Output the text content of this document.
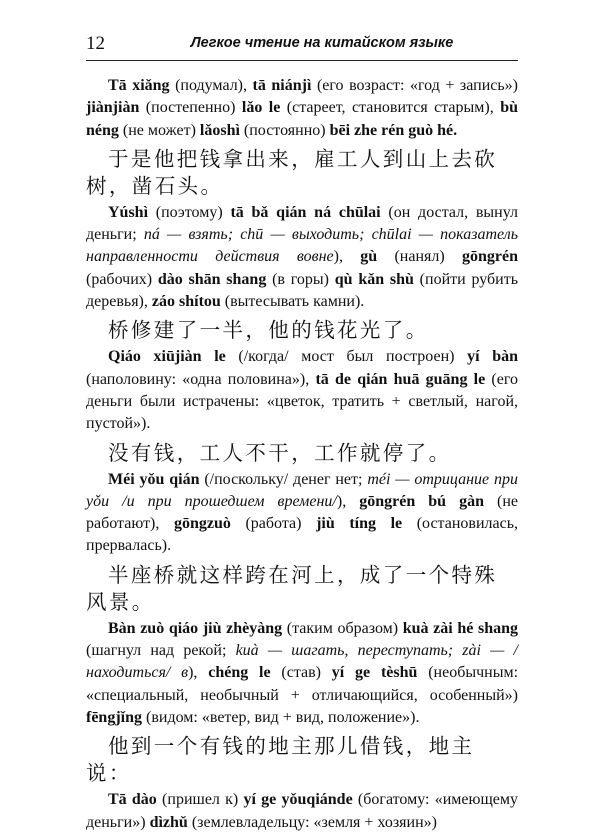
12	Легкое чтение на китайском языке

Tā xiǎng (подумал), tā niánjì (его возраст: «год + запись») jiànjiàn (постепенно) lǎo le (стареет, становится старым), bù néng (не может) lǎoshì (постоянно) bēi zhe rén guò hé.

于是他把钱拿出来，雇工人到山上去砍树，凿石头。

Yúshì (поэтому) tā bǎ qián ná chūlai (он достал, вынул деньги; ná — взять; chū — выходить; chūlai — показатель направленности действия вовне), gù (нанял) gōngrén (рабочих) dào shān shang (в горы) qù kǎn shù (пойти рубить деревья), záo shítou (вытесывать камни).

桥修建了一半，他的钱花光了。

Qiáo xiūjiàn le (/когда/ мост был построен) yí bàn (наполовину: «одна половина»), tā de qián huā guāng le (его деньги были истрачены: «цветок, тратить + светлый, нагой, пустой»).

没有钱，工人不干，工作就停了。

Méi yǒu qián (/поскольку/ денег нет; méi — отрицание при yǒu /и при прошедшем времени/), gōngrén bú gàn (не работают), gōngzuò (работа) jiù tíng le (остановилась, прервалась).

半座桥就这样跨在河上，成了一个特殊风景。

Bàn zuò qiáo jiù zhèyàng (таким образом) kuà zài hé shang (шагнул над рекой; kuà — шагать, переступать; zài — /находиться/ в), chéng le (став) yí ge tèshū (необычным: «специальный, необычный + отличающийся, особенный») fēngjǐng (видом: «ветер, вид + вид, положение»).

他到一个有钱的地主那儿借钱，地主说：

Tā dào (пришел к) yí ge yǒuqiánde (богатому: «имеющему деньги») dìzhǔ (землевладельцу: «земля + хозяин»)
